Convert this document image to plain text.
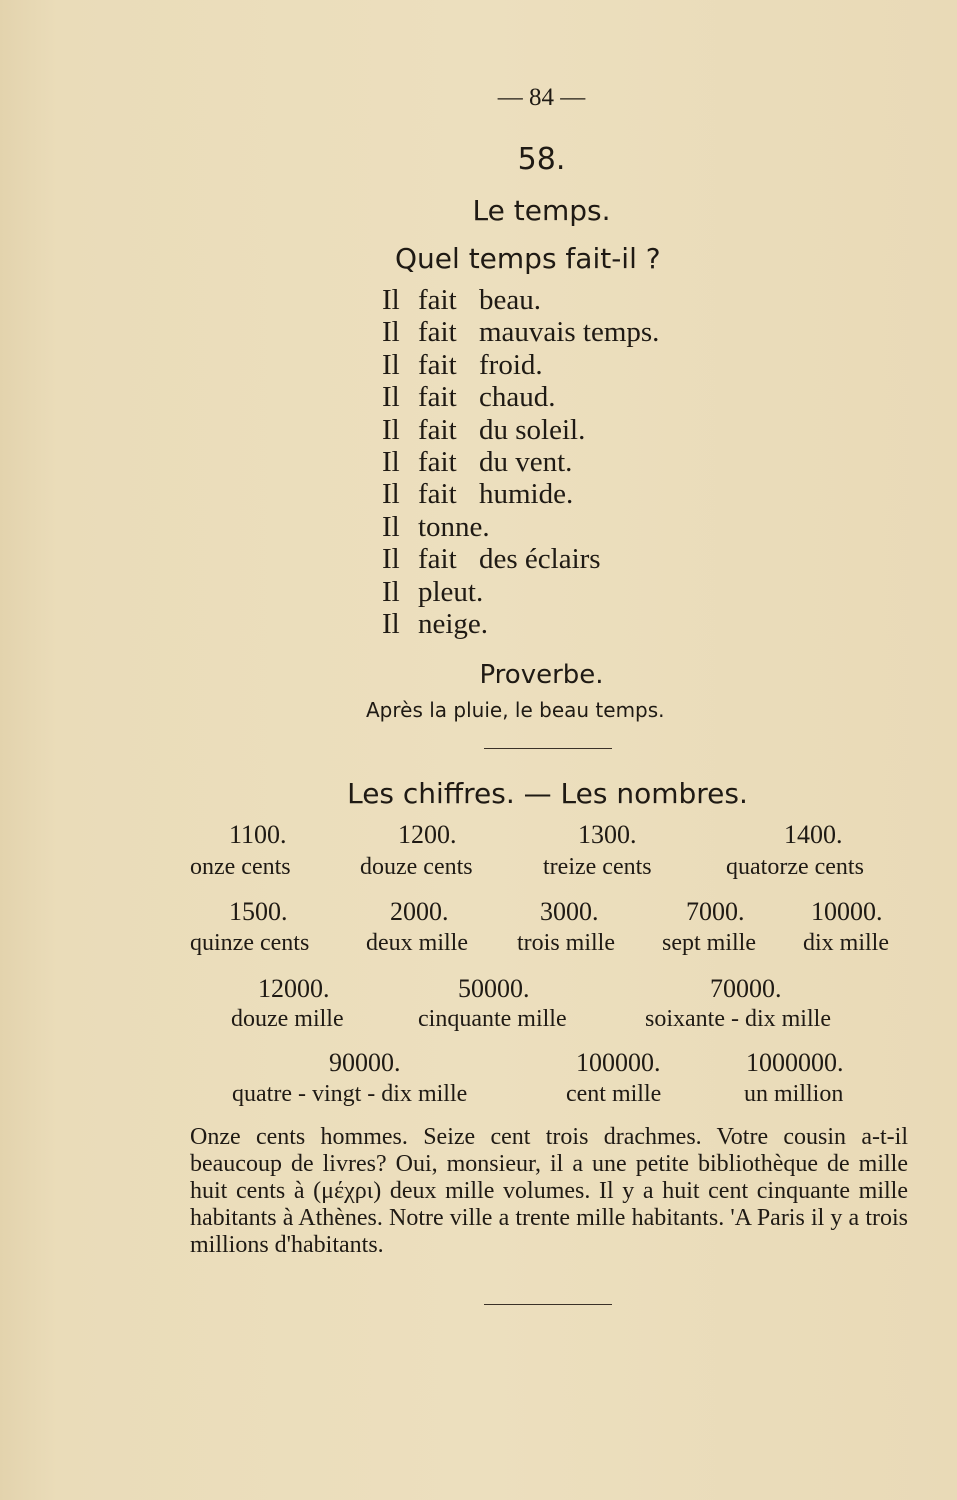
— 84 —
58.
Le temps.
Quel temps fait-il ?
Il fait beau.
Il fait mauvais temps.
Il fait froid.
Il fait chaud.
Il fait du soleil.
Il fait du vent.
Il fait humide.
Il tonne.
Il fait des éclairs
Il pleut.
Il neige.
Proverbe.
Après la pluie, le beau temps.
Les chiffres. — Les nombres.
1100.
onze cents
1200.
douze cents
1300.
treize cents
1400.
quatorze cents
1500.
quinze cents
2000.
deux mille
3000.
trois mille
7000.
sept mille
10000.
dix mille
12000.
douze mille
50000.
cinquante mille
70000.
soixante - dix mille
90000.
quatre - vingt - dix mille
100000.
cent mille
1000000.
un million
Onze cents hommes. Seize cent trois drachmes. Votre cousin a-t-il beaucoup de livres? Oui, monsieur, il a une petite bibliothèque de mille huit cents à (μέχρι) deux mille volumes. Il y a huit cent cinquante mille habitants à Athènes. Notre ville a trente mille habitants. 'A Paris il y a trois millions d'habitants.
